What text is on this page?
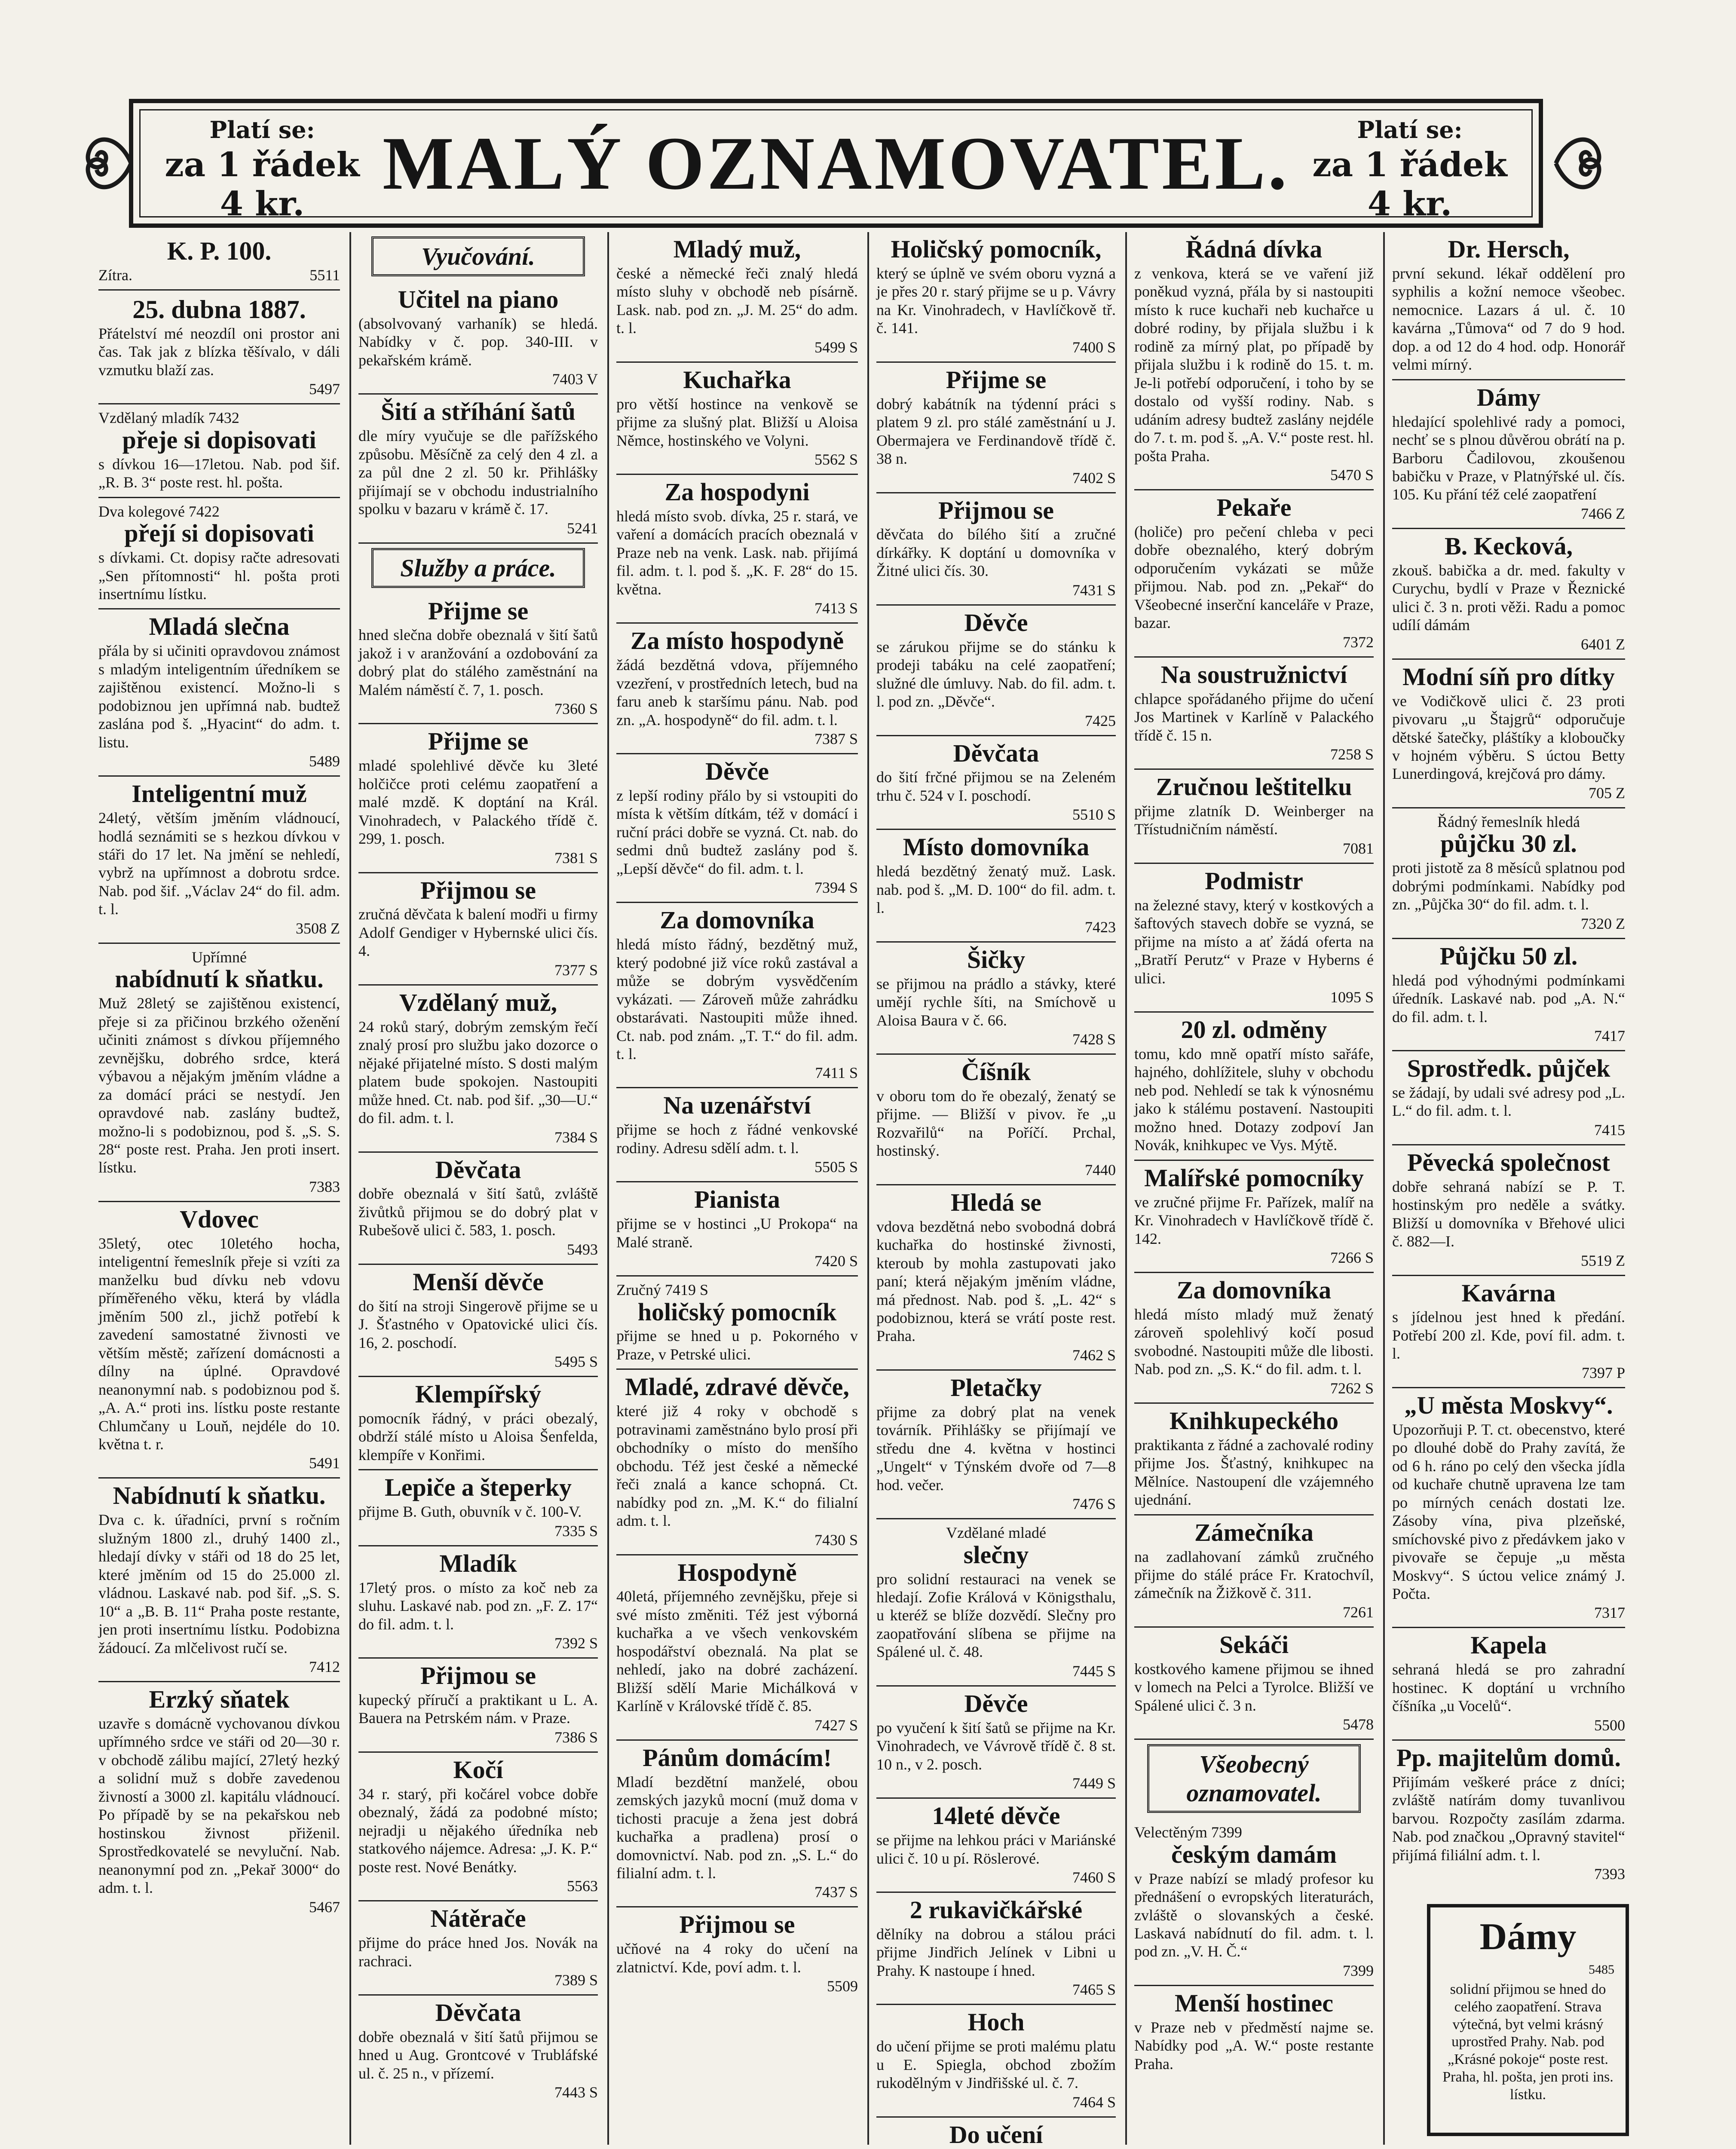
Platí se:
za 1 řádek 4 kr.	MALÝ OZNAMOVATEL.	Platí se:
za 1 řádek 4 kr.

K. P. 100.

Zítra.	5511

25. dubna 1887.

Přátelství mé neozdíl oni prostor ani čas. Tak jak z blízka těšívalo, v dáli vzmutku blaží zas.

5497

Vzdělaný mladík 7432

přeje si dopisovati

s dívkou 16—17letou. Nab. pod šif. „R. B. 3“ poste rest. hl. pošta.

Dva kolegové 7422

přejí si dopisovati

s dívkami. Ct. dopisy račte adresovati „Sen přítomnosti“ hl. pošta proti insertnímu lístku.

Mladá slečna

přála by si učiniti opravdovou známost s mladým inteligentním úředníkem se zajištěnou existencí. Možno-li s podobiznou jen upřímná nab. budtež zaslána pod š. „Hyacint“ do adm. t. listu.

5489
Inteligentní muž

24letý, větším jměním vládnoucí, hodlá seznámiti se s hezkou dívkou v stáři do 17 let. Na jmění se nehledí, vybrž na upřímnost a dobrotu srdce. Nab. pod šif. „Václav 24“ do fil. adm. t. l.

3508 Z

Upřímné

nabídnutí k sňatku.

Muž 28letý se zajištěnou existencí, přeje si za přičinou brzkého oženění učiniti známost s dívkou příjemného zevnějšku, dobrého srdce, která výbavou a nějakým jměním vládne a za domácí práci se nestydí. Jen opravdové nab. zaslány budtež, možno-li s podobiznou, pod š. „S. S. 28“ poste rest. Praha. Jen proti insert. lístku.

7383
Vdovec

35letý, otec 10letého hocha, inteligentní řemeslník přeje si vzíti za manželku bud dívku neb vdovu příměřeného věku, která by vládla jměním 500 zl., jichž potřebí k zavedení samostatné živnosti ve větším městě; zařízení domácnosti a dílny na úplné. Opravdové neanonymní nab. s podobiznou pod š. „A. A.“ proti ins. lístku poste restante Chlumčany u Louň, nejdéle do 10. května t. r.

5491
Nabídnutí k sňatku.

Dva c. k. úřadníci, první s ročním služným 1800 zl., druhý 1400 zl., hledají dívky v stáři od 18 do 25 let, které jměním od 15 do 25.000 zl. vládnou. Laskavé nab. pod šif. „S. S. 10“ a „B. B. 11“ Praha poste restante, jen proti insertnímu lístku. Podobizna žádoucí. Za mlčelivost ručí se.

7412
Erzký sňatek

uzavře s domácně vychovanou dívkou upřímného srdce ve stáři od 20—30 r. v obchodě zálibu mající, 27letý hezký a solidní muž s dobře zavedenou živností a 3000 zl. kapitálu vládnoucí. Po případě by se na pekařskou neb hostinskou živnost přiženil. Sprostředkovatelé se nevyluční. Nab. neanonymní pod zn. „Pekař 3000“ do adm. t. l.

5467
Vyučování.
Učitel na piano

(absolvovaný varhaník) se hledá. Nabídky v č. pop. 340-III. v pekařském krámě.

7403 V
Šití a stříhání šatů

dle míry vyučuje se dle pařížského způsobu. Měsíčně za celý den 4 zl. a za půl dne 2 zl. 50 kr. Přihlášky přijímají se v obchodu industrialního spolku v bazaru v krámě č. 17.

5241
Služby a práce.
Přijme se

hned slečna dobře obeznalá v šití šatů jakož i v aranžování a ozdobování za dobrý plat do stálého zaměstnání na Malém náměstí č. 7, 1. posch.

7360 S
Přijme se

mladé spolehlivé děvče ku 3leté holčičce proti celému zaopatření a malé mzdě. K doptání na Král. Vinohradech, v Palackého třídě č. 299, 1. posch.

7381 S
Přijmou se

zručná děvčata k balení modři u firmy Adolf Gendiger v Hybernské ulici čís. 4.

7377 S
Vzdělaný muž,

24 roků starý, dobrým zemským řečí znalý prosí pro službu jako dozorce o nějaké přijatelné místo. S dosti malým platem bude spokojen. Nastoupiti může hned. Ct. nab. pod šif. „30—U.“ do fil. adm. t. l.

7384 S
Děvčata

dobře obeznalá v šití šatů, zvláště živůtků přijmou se do dobrý plat v Rubešově ulici č. 583, 1. posch.

5493
Menší děvče

do šití na stroji Singerově přijme se u J. Šťastného v Opatovické ulici čís. 16, 2. poschodí.

5495 S
Klempířský

pomocník řádný, v práci obezalý, obdrží stálé místo u Aloisa Šenfelda, klempíře v Konřimi.

Lepiče a šteperky

přijme B. Guth, obuvník v č. 100-V.

7335 S
Mladík

17letý pros. o místo za koč neb za sluhu. Laskavé nab. pod zn. „F. Z. 17“ do fil. adm. t. l.

7392 S
Přijmou se

kupecký příručí a praktikant u L. A. Bauera na Petrském nám. v Praze.

7386 S
Kočí

34 r. starý, při kočárel vobce dobře obeznalý, žádá za podobné místo; nejradji u nějakého úředníka neb statkového nájemce. Adresa: „J. K. P.“ poste rest. Nové Benátky.

5563
Nátěrače

přijme do práce hned Jos. Novák na rachraci.

7389 S
Děvčata

dobře obeznalá v šití šatů přijmou se hned u Aug. Grontcové v Trubláfské ul. č. 25 n., v přízemí.

7443 S
Mladý muž,

české a německé řeči znalý hledá místo sluhy v obchodě neb písárně. Lask. nab. pod zn. „J. M. 25“ do adm. t. l.

5499 S
Kuchařka

pro větší hostince na venkově se přijme za slušný plat. Bližší u Aloisa Němce, hostinského ve Volyni.

5562 S
Za hospodyni

hledá místo svob. dívka, 25 r. stará, ve vaření a domácích pracích obeznalá v Praze neb na venk. Lask. nab. přijímá fil. adm. t. l. pod š. „K. F. 28“ do 15. května.

7413 S
Za místo hospodyně

žádá bezdětná vdova, příjemného vzezření, v prostředních letech, bud na faru aneb k staršímu pánu. Nab. pod zn. „A. hospodyně“ do fil. adm. t. l.

7387 S
Děvče

z lepší rodiny přálo by si vstoupiti do místa k větším dítkám, též v domácí i ruční práci dobře se vyzná. Ct. nab. do sedmi dnů budtež zaslány pod š. „Lepší děvče“ do fil. adm. t. l.

7394 S
Za domovníka

hledá místo řádný, bezdětný muž, který podobné již více roků zastával a může se dobrým vysvědčením vykázati. — Zároveň může zahrádku obstarávati. Nastoupiti může ihned. Ct. nab. pod znám. „T. T.“ do fil. adm. t. l.

7411 S
Na uzenářství

přijme se hoch z řádné venkovské rodiny. Adresu sdělí adm. t. l.

5505 S
Pianista

přijme se v hostinci „U Prokopa“ na Malé straně.

7420 S

Zručný 7419 S

holičský pomocník

přijme se hned u p. Pokorného v Praze, v Petrské ulici.

Mladé, zdravé děvče,

které již 4 roky v obchodě s potravinami zaměstnáno bylo prosí při obchodníky o místo do menšího obchodu. Též jest české a německé řeči znalá a kance schopná. Ct. nabídky pod zn. „M. K.“ do filialní adm. t. l.

7430 S
Hospodyně

40letá, příjemného zevnějšku, přeje si své místo změniti. Též jest výborná kuchařka a ve všech venkovském hospodářství obeznalá. Na plat se nehledí, jako na dobré zacházení. Bližší sdělí Marie Michálková v Karlíně v Královské třídě č. 85.

7427 S
Pánům domácím!

Mladí bezdětní manželé, obou zemských jazyků mocní (muž doma v tichosti pracuje a žena jest dobrá kuchařka a pradlena) prosí o domovnictví. Nab. pod zn. „S. L.“ do filialní adm. t. l.

7437 S
Přijmou se

učňové na 4 roky do učení na zlatnictví. Kde, poví adm. t. l.

5509
Holičský pomocník,

který se úplně ve svém oboru vyzná a je přes 20 r. starý přijme se u p. Vávry na Kr. Vinohradech, v Havlíčkově tř. č. 141.

7400 S
Přijme se

dobrý kabátník na týdenní práci s platem 9 zl. pro stálé zaměstnání u J. Obermajera ve Ferdinandově třídě č. 38 n.

7402 S
Přijmou se

děvčata do bílého šití a zručné dírkářky. K doptání u domovníka v Žitné ulici čís. 30.

7431 S
Děvče

se zárukou přijme se do stánku k prodeji tabáku na celé zaopatření; služné dle úmluvy. Nab. do fil. adm. t. l. pod zn. „Děvče“.

7425
Děvčata

do šití frčné přijmou se na Zeleném trhu č. 524 v I. poschodí.

5510 S
Místo domovníka

hledá bezdětný ženatý muž. Lask. nab. pod š. „M. D. 100“ do fil. adm. t. l.

7423
Šičky

se přijmou na prádlo a stávky, které umějí rychle šíti, na Smíchově u Aloisa Baura v č. 66.

7428 S
Číšník

v oboru tom do ře obezalý, ženatý se přijme. — Bližší v pivov. ře „u Rozvařilů“ na Poříčí. Prchal, hostinský.

7440
Hledá se

vdova bezdětná nebo svobodná dobrá kuchařka do hostinské živnosti, kteroub by mohla zastupovati jako paní; která nějakým jměním vládne, má přednost. Nab. pod š. „L. 42“ s podobiznou, která se vrátí poste rest. Praha.

7462 S
Pletačky

přijme za dobrý plat na venek továrník. Přihlášky se přijímají ve středu dne 4. května v hostinci „Ungelt“ v Týnském dvoře od 7—8 hod. večer.

7476 S

Vzdělané mladé

slečny

pro solidní restauraci na venek se hledají. Zofie Králová v Königsthalu, u kteréž se blíže dozvědí. Slečny pro zaopatřování slíbena se přijme na Spálené ul. č. 48.

7445 S
Děvče

po vyučení k šití šatů se přijme na Kr. Vinohradech, ve Vávrově třídě č. 8 st. 10 n., v 2. posch.

7449 S
14leté děvče

se přijme na lehkou práci v Mariánské ulici č. 10 u pí. Röslerové.

7460 S
2 rukavičkářské

dělníky na dobrou a stálou práci přijme Jindřich Jelínek v Libni u Prahy. K nastoupe í hned.

7465 S
Hoch

do učení přijme se proti malému platu u E. Spiegla, obchod zbožím rukodělným v Jindřišské ul. č. 7.

7464 S
Do učení

Řádná dívka

z venkova, která se ve vaření již poněkud vyzná, přála by si nastoupiti místo k ruce kuchaři neb kuchařce u dobré rodiny, by přijala službu i k rodině za mírný plat, po případě by přijala službu i k rodině do 15. t. m. Je-li potřebí odporučení, i toho by se dostalo od vyšší rodiny. Nab. s udáním adresy budtež zaslány nejdéle do 7. t. m. pod š. „A. V.“ poste rest. hl. pošta Praha.

5470 S
Pekaře

(holiče) pro pečení chleba v peci dobře obeznalého, který dobrým odporučením vykázati se může přijmou. Nab. pod zn. „Pekař“ do Všeobecné inserční kanceláře v Praze, bazar.

7372
Na soustružnictví

chlapce spořádaného přijme do učení Jos Martinek v Karlíně v Palackého třídě č. 15 n.

7258 S
Zručnou leštitelku

přijme zlatník D. Weinberger na Třístudničním náměstí.

7081
Podmistr

na železné stavy, který v kostkových a šaftových stavech dobře se vyzná, se přijme na místo a ať žádá oferta na „Bratří Perutz“ v Praze v Hyberns é ulici.

1095 S
20 zl. odměny

tomu, kdo mně opatří místo sařáfe, hajného, dohlížitele, sluhy v obchodu neb pod. Nehledí se tak k výnosnému jako k stálému postavení. Nastoupiti možno hned. Dotazy zodpoví Jan Novák, knihkupec ve Vys. Mýtě.

Malířské pomocníky

ve zručné přijme Fr. Pařízek, malíř na Kr. Vinohradech v Havlíčkově třídě č. 142.

7266 S
Za domovníka

hledá místo mladý muž ženatý zároveň spolehlivý kočí posud svobodné. Nastoupiti může dle libosti. Nab. pod zn. „S. K.“ do fil. adm. t. l.

7262 S
Knihkupeckého

praktikanta z řádné a zachovalé rodiny přijme Jos. Šťastný, knihkupec na Mělníce. Nastoupení dle vzájemného ujednání.

Zámečníka

na zadlahovaní zámků zručného přijme do stálé práce Fr. Kratochvíl, zámečník na Žižkově č. 311.

7261
Sekáči

kostkového kamene přijmou se ihned v lomech na Pelci a Tyrolce. Bližší ve Spálené ulici č. 3 n.

5478
Všeobecný
oznamovatel.

Velectěným 7399

českým damám

v Praze nabízí se mladý profesor ku přednášení o evropských literaturách, zvláště o slovanských a české. Laskavá nabídnutí do fil. adm. t. l. pod zn. „V. H. Č.“

7399
Menší hostinec

v Praze neb v předměstí najme se. Nabídky pod „A. W.“ poste restante Praha.

Dr. Hersch,

první sekund. lékař oddělení pro syphilis a kožní nemoce všeobec. nemocnice. Lazars á ul. č. 10 kavárna „Tůmova“ od 7 do 9 hod. dop. a od 12 do 4 hod. odp. Honorář velmi mírný.

Dámy

hledající spolehlivé rady a pomoci, nechť se s plnou důvěrou obrátí na p. Barboru Čadilovou, zkoušenou babičku v Praze, v Platnýřské ul. čís. 105. Ku přání též celé zaopatření

7466 Z
B. Kecková,

zkouš. babička a dr. med. fakulty v Curychu, bydlí v Praze v Řeznické ulici č. 3 n. proti věži. Radu a pomoc udílí dámám

6401 Z
Modní síň pro dítky

ve Vodičkově ulici č. 23 proti pivovaru „u Štajgrů“ odporučuje dětské šatečky, pláštíky a kloboučky v hojném výběru. S úctou Betty Lunerdingová, krejčová pro dámy.

705 Z

Řádný řemeslník hledá

půjčku 30 zl.

proti jistotě za 8 měsíců splatnou pod dobrými podmínkami. Nabídky pod zn. „Půjčka 30“ do fil. adm. t. l.

7320 Z
Půjčku 50 zl.

hledá pod výhodnými podmínkami úředník. Laskavé nab. pod „A. N.“ do fil. adm. t. l.

7417
Sprostředk. půjček

se žádají, by udali své adresy pod „L. L.“ do fil. adm. t. l.

7415
Pěvecká společnost

dobře sehraná nabízí se P. T. hostinským pro neděle a svátky. Bližší u domovníka v Břehové ulici č. 882—I.

5519 Z
Kavárna

s jídelnou jest hned k předání. Potřebí 200 zl. Kde, poví fil. adm. t. l.

7397 P
„U města Moskvy“.

Upozorňuji P. T. ct. obecenstvo, které po dlouhé době do Prahy zavítá, že od 6 h. ráno po celý den všecka jídla od kuchaře chutně upravena lze tam po mírných cenách dostati lze. Zásoby vína, piva plzeňské, smíchovské pivo z předávkem jako v pivovaře se čepuje „u města Moskvy“. S úctou velice známý J. Počta.

7317
Kapela

sehraná hledá se pro zahradní hostinec. K doptání u vrchního číšníka „u Vocelů“.

5500
Pp. majitelům domů.

Přijímám veškeré práce z dníci; zvláště natírám domy tuvanlivou barvou. Rozpočty zasílám zdarma. Nab. pod značkou „Opravný stavitel“ přijímá filiální adm. t. l.

7393
Dámy
5485
solidní přijmou se hned do celého zaopatření. Strava výtečná, byt velmi krásný uprostřed Prahy. Nab. pod „Krásné pokoje“ poste rest. Praha, hl. pošta, jen proti ins. lístku.
